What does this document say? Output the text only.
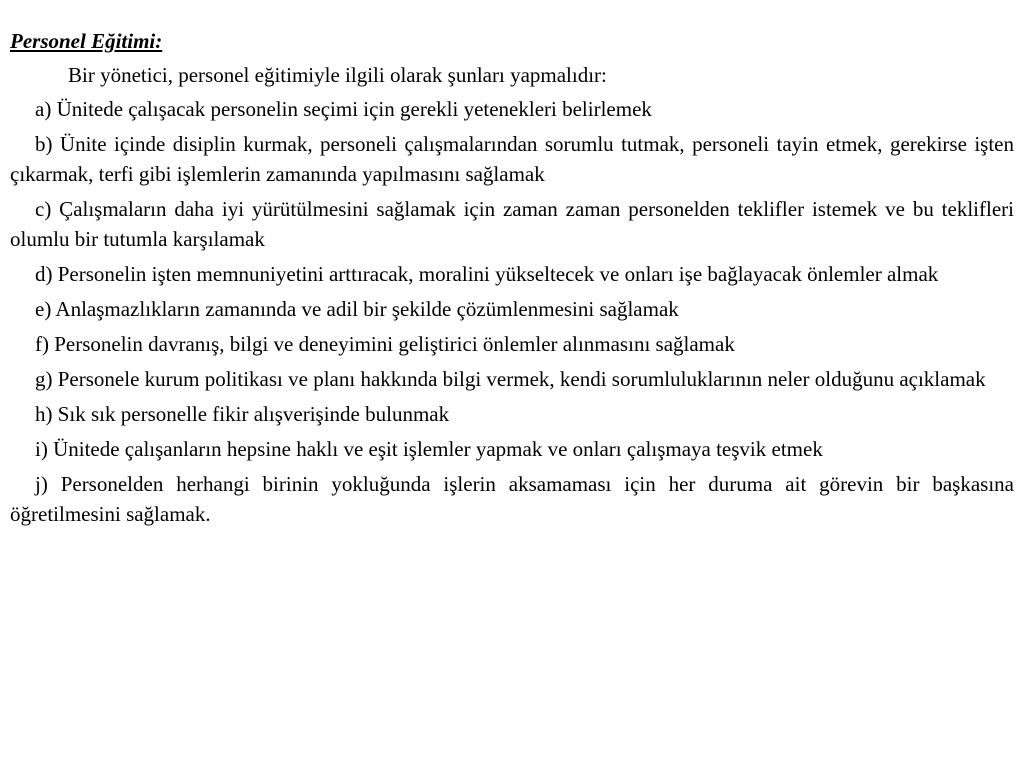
Personel Eğitimi:

Bir yönetici, personel eğitimiyle ilgili olarak şunları yapmalıdır:

a) Ünitede çalışacak personelin seçimi için gerekli yetenekleri belirlemek

b) Ünite içinde disiplin kurmak, personeli çalışmalarından sorumlu tutmak, personeli tayin etmek, gerekirse işten çıkarmak, terfi gibi işlemlerin zamanında yapılmasını sağlamak

c) Çalışmaların daha iyi yürütülmesini sağlamak için zaman zaman personelden teklifler istemek ve bu teklifleri olumlu bir tutumla karşılamak

d) Personelin işten memnuniyetini arttıracak, moralini yükseltecek ve onları işe bağlayacak önlemler almak

e) Anlaşmazlıkların zamanında ve adil bir şekilde çözümlenmesini sağlamak

f) Personelin davranış, bilgi ve deneyimini geliştirici önlemler alınmasını sağlamak

g) Personele kurum politikası ve planı hakkında bilgi vermek, kendi sorumluluklarının neler olduğunu açıklamak

h) Sık sık personelle fikir alışverişinde bulunmak

i) Ünitede çalışanların hepsine haklı ve eşit işlemler yapmak ve onları çalışmaya teşvik etmek

j) Personelden herhangi birinin yokluğunda işlerin aksamaması için her duruma ait görevin bir başkasına öğretilmesini sağlamak.
